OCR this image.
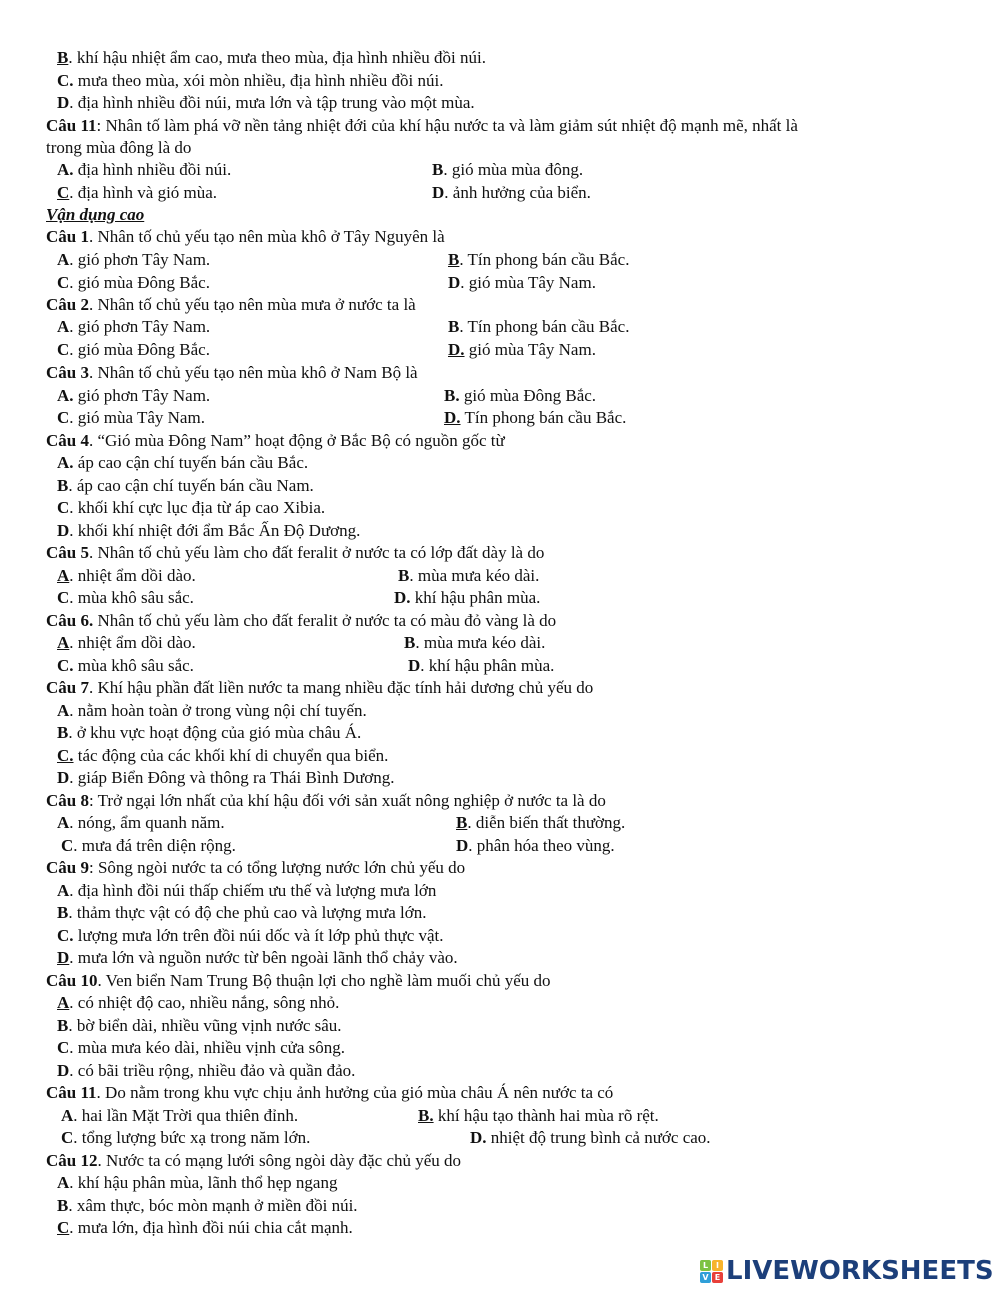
B. khí hậu nhiệt ẩm cao, mưa theo mùa, địa hình nhiều đồi núi.
C. mưa theo mùa, xói mòn nhiều, địa hình nhiều đồi núi.
D. địa hình nhiều đồi núi, mưa lớn và tập trung vào một mùa.
Câu 11: Nhân tố làm phá vỡ nền tảng nhiệt đới của khí hậu nước ta và làm giảm sút nhiệt độ mạnh mẽ, nhất là
trong mùa đông là do
A. địa hình nhiều đồi núi.	B. gió mùa mùa đông.
C. địa hình và gió mùa.	D. ảnh hưởng của biển.
Vận dụng cao
Câu 1. Nhân tố chủ yếu tạo nên mùa khô ở Tây Nguyên là
A. gió phơn Tây Nam.	B. Tín phong bán cầu Bắc.
C. gió mùa Đông Bắc.	D. gió mùa Tây Nam.
Câu 2. Nhân tố chủ yếu tạo nên mùa mưa ở nước ta là
A. gió phơn Tây Nam.	B. Tín phong bán cầu Bắc.
C. gió mùa Đông Bắc.	D. gió mùa Tây Nam.
Câu 3. Nhân tố chủ yếu tạo nên mùa khô ở Nam Bộ là
A. gió phơn Tây Nam.	B. gió mùa Đông Bắc.
C. gió mùa Tây Nam.	D. Tín phong bán cầu Bắc.
Câu 4. “Gió mùa Đông Nam” hoạt động ở Bắc Bộ có nguồn gốc từ
A. áp cao cận chí tuyến bán cầu Bắc.
B. áp cao cận chí tuyến bán cầu Nam.
C. khối khí cực lục địa từ áp cao Xibia.
D. khối khí nhiệt đới ẩm Bắc Ấn Độ Dương.
Câu 5. Nhân tố chủ yếu làm cho đất feralit ở nước ta có lớp đất dày là do
A. nhiệt ẩm dồi dào.	B. mùa mưa kéo dài.
C. mùa khô sâu sắc.	D. khí hậu phân mùa.
Câu 6. Nhân tố chủ yếu làm cho đất feralit ở nước ta có màu đỏ vàng là do
A. nhiệt ẩm dồi dào.	B. mùa mưa kéo dài.
C. mùa khô sâu sắc.	D. khí hậu phân mùa.
Câu 7. Khí hậu phần đất liền nước ta mang nhiều đặc tính hải dương chủ yếu do
A. nằm hoàn toàn ở trong vùng nội chí tuyến.
B. ở khu vực hoạt động của gió mùa châu Á.
C. tác động của các khối khí di chuyển qua biển.
D. giáp Biển Đông và thông ra Thái Bình Dương.
Câu 8: Trở ngại lớn nhất của khí hậu đối với sản xuất nông nghiệp ở nước ta là do
A. nóng, ẩm quanh năm.	B. diễn biến thất thường.
C. mưa đá trên diện rộng.	D. phân hóa theo vùng.
Câu 9: Sông ngòi nước ta có tổng lượng nước lớn chủ yếu do
A. địa hình đồi núi thấp chiếm ưu thế và lượng mưa lớn
B. thảm thực vật có độ che phủ cao và lượng mưa lớn.
C. lượng mưa lớn trên đồi núi dốc và ít lớp phủ thực vật.
D. mưa lớn và nguồn nước từ bên ngoài lãnh thổ chảy vào.
Câu 10. Ven biển Nam Trung Bộ thuận lợi cho nghề làm muối chủ yếu do
A. có nhiệt độ cao, nhiều nắng, sông nhỏ.
B. bờ biển dài, nhiều vũng vịnh nước sâu.
C. mùa mưa kéo dài, nhiều vịnh cửa sông.
D. có bãi triều rộng, nhiều đảo và quần đảo.
Câu 11. Do nằm trong khu vực chịu ảnh hưởng của gió mùa châu Á nên nước ta có
A. hai lần Mặt Trời qua thiên đỉnh.	B. khí hậu tạo thành hai mùa rõ rệt.
C. tổng lượng bức xạ trong năm lớn.	D. nhiệt độ trung bình cả nước cao.
Câu 12. Nước ta có mạng lưới sông ngòi dày đặc chủ yếu do
A. khí hậu phân mùa, lãnh thổ hẹp ngang
B. xâm thực, bóc mòn mạnh ở miền đồi núi.
C. mưa lớn, địa hình đồi núi chia cắt mạnh.
L I
V E LIVEWORKSHEETS
